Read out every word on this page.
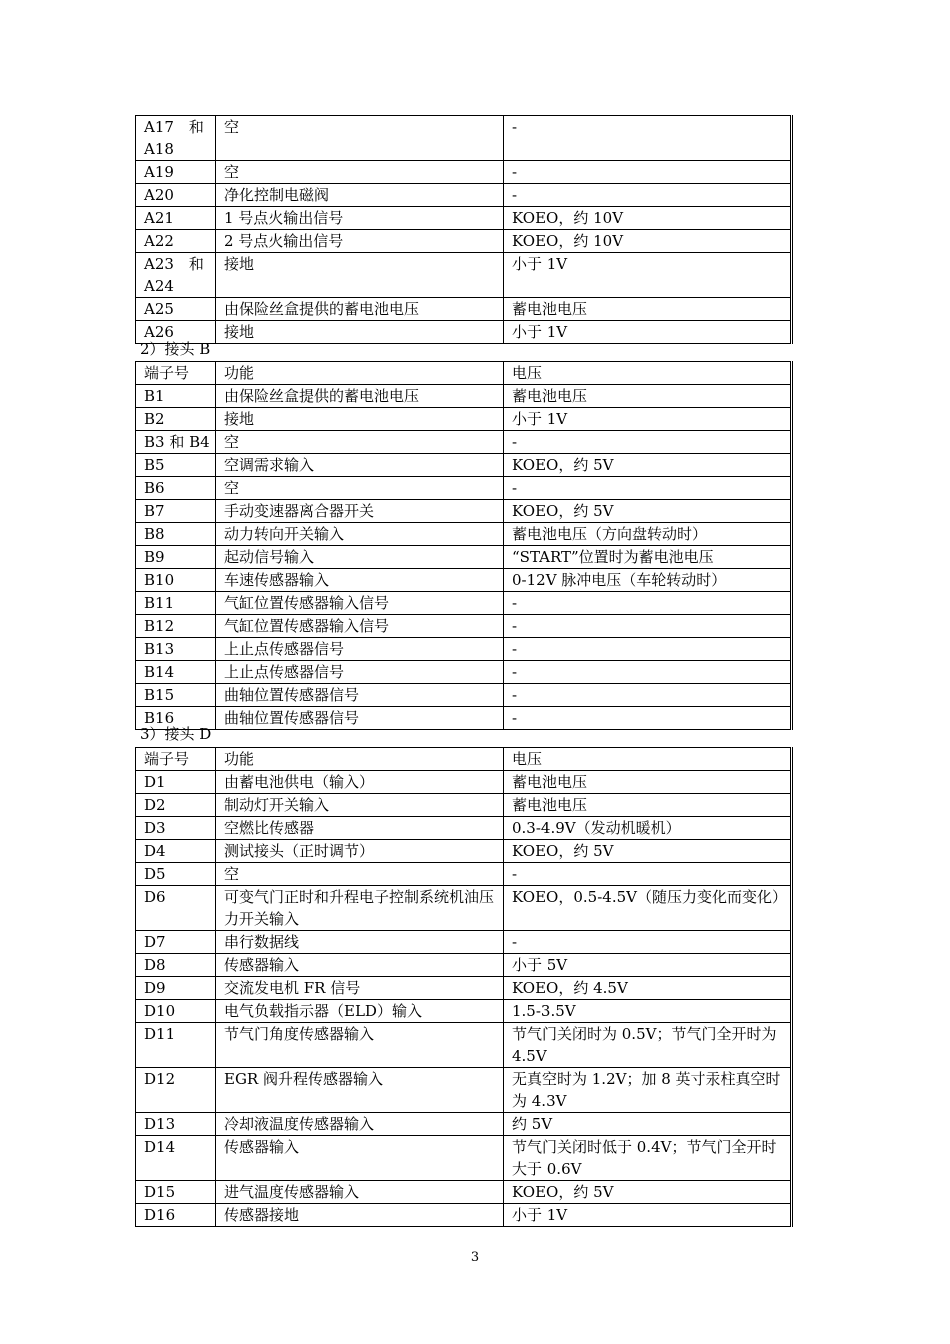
A17　和 A18	空	-
A19	空	-
A20	净化控制电磁阀	-
A21	1 号点火输出信号	KOEO，约 10V
A22	2 号点火输出信号	KOEO，约 10V
A23　和 A24	接地	小于 1V
A25	由保险丝盒提供的蓄电池电压	蓄电池电压
A26	接地	小于 1V
2）接头 B
端子号	功能	电压
B1	由保险丝盒提供的蓄电池电压	蓄电池电压
B2	接地	小于 1V
B3 和 B4	空	-
B5	空调需求输入	KOEO，约 5V
B6	空	-
B7	手动变速器离合器开关	KOEO，约 5V
B8	动力转向开关输入	蓄电池电压（方向盘转动时）
B9	起动信号输入	“START”位置时为蓄电池电压
B10	车速传感器输入	0-12V 脉冲电压（车轮转动时）
B11	气缸位置传感器输入信号	-
B12	气缸位置传感器输入信号	-
B13	上止点传感器信号	-
B14	上止点传感器信号	-
B15	曲轴位置传感器信号	-
B16	曲轴位置传感器信号	-
3）接头 D
端子号	功能	电压
D1	由蓄电池供电（输入）	蓄电池电压
D2	制动灯开关输入	蓄电池电压
D3	空燃比传感器	0.3-4.9V（发动机暖机）
D4	测试接头（正时调节）	KOEO，约 5V
D5	空	-
D6	可变气门正时和升程电子控制系统机油压力开关输入	KOEO，0.5-4.5V（随压力变化而变化）
D7	串行数据线	-
D8	传感器输入	小于 5V
D9	交流发电机 FR 信号	KOEO，约 4.5V
D10	电气负载指示器（ELD）输入	1.5-3.5V
D11	节气门角度传感器输入	节气门关闭时为 0.5V；节气门全开时为 4.5V
D12	EGR 阀升程传感器输入	无真空时为 1.2V；加 8 英寸汞柱真空时为 4.3V
D13	冷却液温度传感器输入	约 5V
D14	传感器输入	节气门关闭时低于 0.4V；节气门全开时大于 0.6V
D15	进气温度传感器输入	KOEO，约 5V
D16	传感器接地	小于 1V
3
